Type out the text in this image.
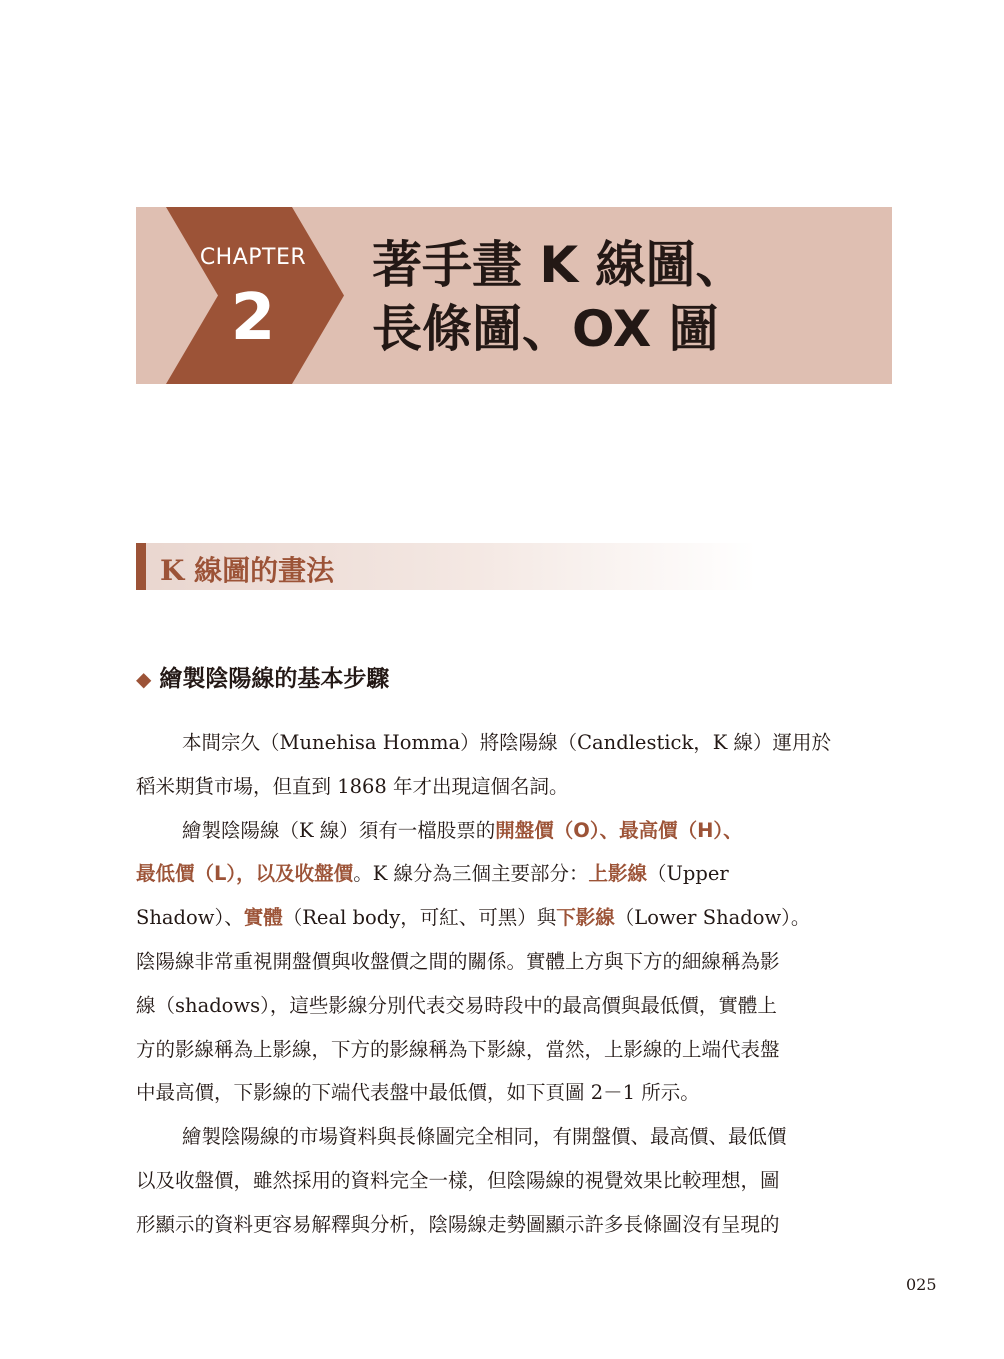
CHAPTER
2
著手畫 K 線圖、
長條圖、OX 圖
K 線圖的畫法
◆ 繪製陰陽線的基本步驟
本間宗久（Munehisa Homma）將陰陽線（Candlestick，K 線）運用於
稻米期貨市場，但直到 1868 年才出現這個名詞。
繪製陰陽線（K 線）須有一檔股票的開盤價（O）、最高價（H）、
最低價（L），以及收盤價。K 線分為三個主要部分：上影線（Upper
Shadow）、實體（Real body，可紅、可黑）與下影線（Lower Shadow）。
陰陽線非常重視開盤價與收盤價之間的關係。實體上方與下方的細線稱為影
線（shadows），這些影線分別代表交易時段中的最高價與最低價，實體上
方的影線稱為上影線，下方的影線稱為下影線，當然，上影線的上端代表盤
中最高價，下影線的下端代表盤中最低價，如下頁圖 2－1 所示。
繪製陰陽線的市場資料與長條圖完全相同，有開盤價、最高價、最低價
以及收盤價，雖然採用的資料完全一樣，但陰陽線的視覺效果比較理想，圖
形顯示的資料更容易解釋與分析，陰陽線走勢圖顯示許多長條圖沒有呈現的
025
